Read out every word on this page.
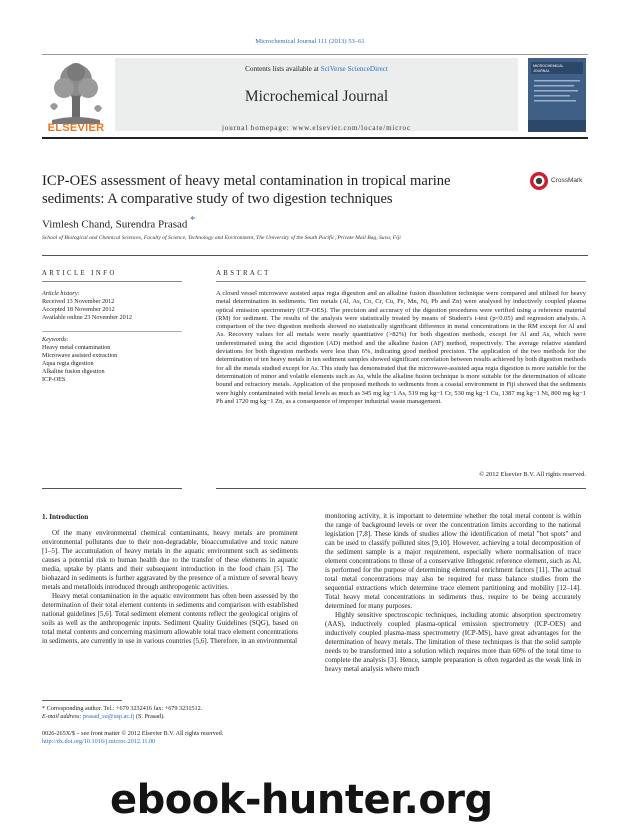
Microchemical Journal 111 (2013) 53–61
ELSEVIER
Contents lists available at SciVerse ScienceDirect
Microchemical Journal
journal homepage: www.elsevier.com/locate/microc
MICROCHEMICAL JOURNAL
ICP-OES assessment of heavy metal contamination in tropical marine
sediments: A comparative study of two digestion techniques
CrossMark
Vimlesh Chand, Surendra Prasad *
School of Biological and Chemical Sciences, Faculty of Science, Technology and Environment, The University of the South Pacific, Private Mail Bag, Suva, Fiji
ARTICLE INFO
Article history:
Received 13 November 2012
Accepted 18 November 2012
Available online 23 November 2012
Keywords:
Heavy metal contamination
Microwave assisted extraction
Aqua regia digestion
Alkaline fusion digestion
ICP-OES
ABSTRACT
A closed vessel microwave assisted aqua regia digestion and an alkaline fusion dissolution technique were compared and utilised for heavy metal determination in sediments. Ten metals (Al, As, Co, Cr, Cu, Fe, Mn, Ni, Pb and Zn) were analysed by inductively coupled plasma optical emission spectrometry (ICP-OES). The precision and accuracy of the digestion procedures were verified using a reference material (RM) for sediment. The results of the analysis were statistically treated by means of Student's t-test (p<0.05) and regression analysis. A comparison of the two digestion methods showed no statistically significant difference in metal concentrations in the RM except for Al and As. Recovery values for all metals were nearly quantitative (>82%) for both digestion methods, except for Al and As, which were underestimated using the acid digestion (AD) method and the alkaline fusion (AF) method, respectively. The average relative standard deviations for both digestion methods were less than 6%, indicating good method precision. The application of the two methods for the determination of ten heavy metals in ten sediment samples showed significant correlation between results achieved by both digestion methods for all the metals studied except for As. This study has demonstrated that the microwave-assisted aqua regia digestion is more suitable for the determination of minor and volatile elements such as As, while the alkaline fusion technique is more suitable for the determination of silicate bound and refractory metals. Application of the proposed methods to sediments from a coastal environment in Fiji showed that the sediments were highly contaminated with metal levels as much as 345 mg kg−1 As, 519 mg kg−1 Cr, 530 mg kg−1 Cu, 1387 mg kg−1 Ni, 800 mg kg−1 Pb and 1720 mg kg−1 Zn, as a consequence of improper industrial waste management.
© 2012 Elsevier B.V. All rights reserved.
1. Introduction

Of the many environmental chemical contaminants, heavy metals are prominent environmental pollutants due to their non-degradable, bioaccumulative and toxic nature [1–5]. The accumulation of heavy metals in the aquatic environment such as sediments causes a potential risk to human health due to the transfer of these elements in aquatic media, uptake by plants and their subsequent introduction in the food chain [5]. The biohazard in sediments is further aggravated by the presence of a mixture of several heavy metals and metalloids introduced through anthropogenic activities.

Heavy metal contamination in the aquatic environment has often been assessed by the determination of their total element contents in sediments and comparison with established national guidelines [5,6]. Total sediment element contents reflect the geological origins of soils as well as the anthropogenic inputs. Sediment Quality Guidelines (SQG), based on total metal contents and concerning maximum allowable total trace element concentrations in sediments, are currently in use in various countries [5,6]. Therefore, in an environmental

monitoring activity, it is important to determine whether the total metal content is within the range of background levels or over the concentration limits according to the national legislation [7,8]. These kinds of studies allow the identification of metal "hot spots" and can be used to classify polluted sites [9,10]. However, achieving a total decomposition of the sediment sample is a major requirement, especially where normalisation of trace element concentrations to those of a conservative lithogenic reference element, such as Al, is performed for the purpose of determining elemental enrichment factors [11]. The actual total metal concentrations may also be required for mass balance studies from the sequential extractions which determine trace element partitioning and mobility [12–14]. Total heavy metal concentrations in sediments thus, require to be being accurately determined for many purposes.

Highly sensitive spectroscopic techniques, including atomic absorption spectrometry (AAS), inductively coupled plasma-optical emission spectrometry (ICP-OES) and inductively coupled plasma-mass spectrometry (ICP-MS), have great advantages for the determination of heavy metals. The limitation of these techniques is that the solid sample needs to be transformed into a solution which requires more than 60% of the total time to complete the analysis [3]. Hence, sample preparation is often regarded as the weak link in heavy metal analysis where much

* Corresponding author. Tel.: +679 3232416 fax: +679 3231512.
E-mail address: prasad_su@usp.ac.fj (S. Prasad).
0026-265X/$ – see front matter © 2012 Elsevier B.V. All rights reserved.
http://dx.doi.org/10.1016/j.microc.2012.11.00
ebook-hunter.org
